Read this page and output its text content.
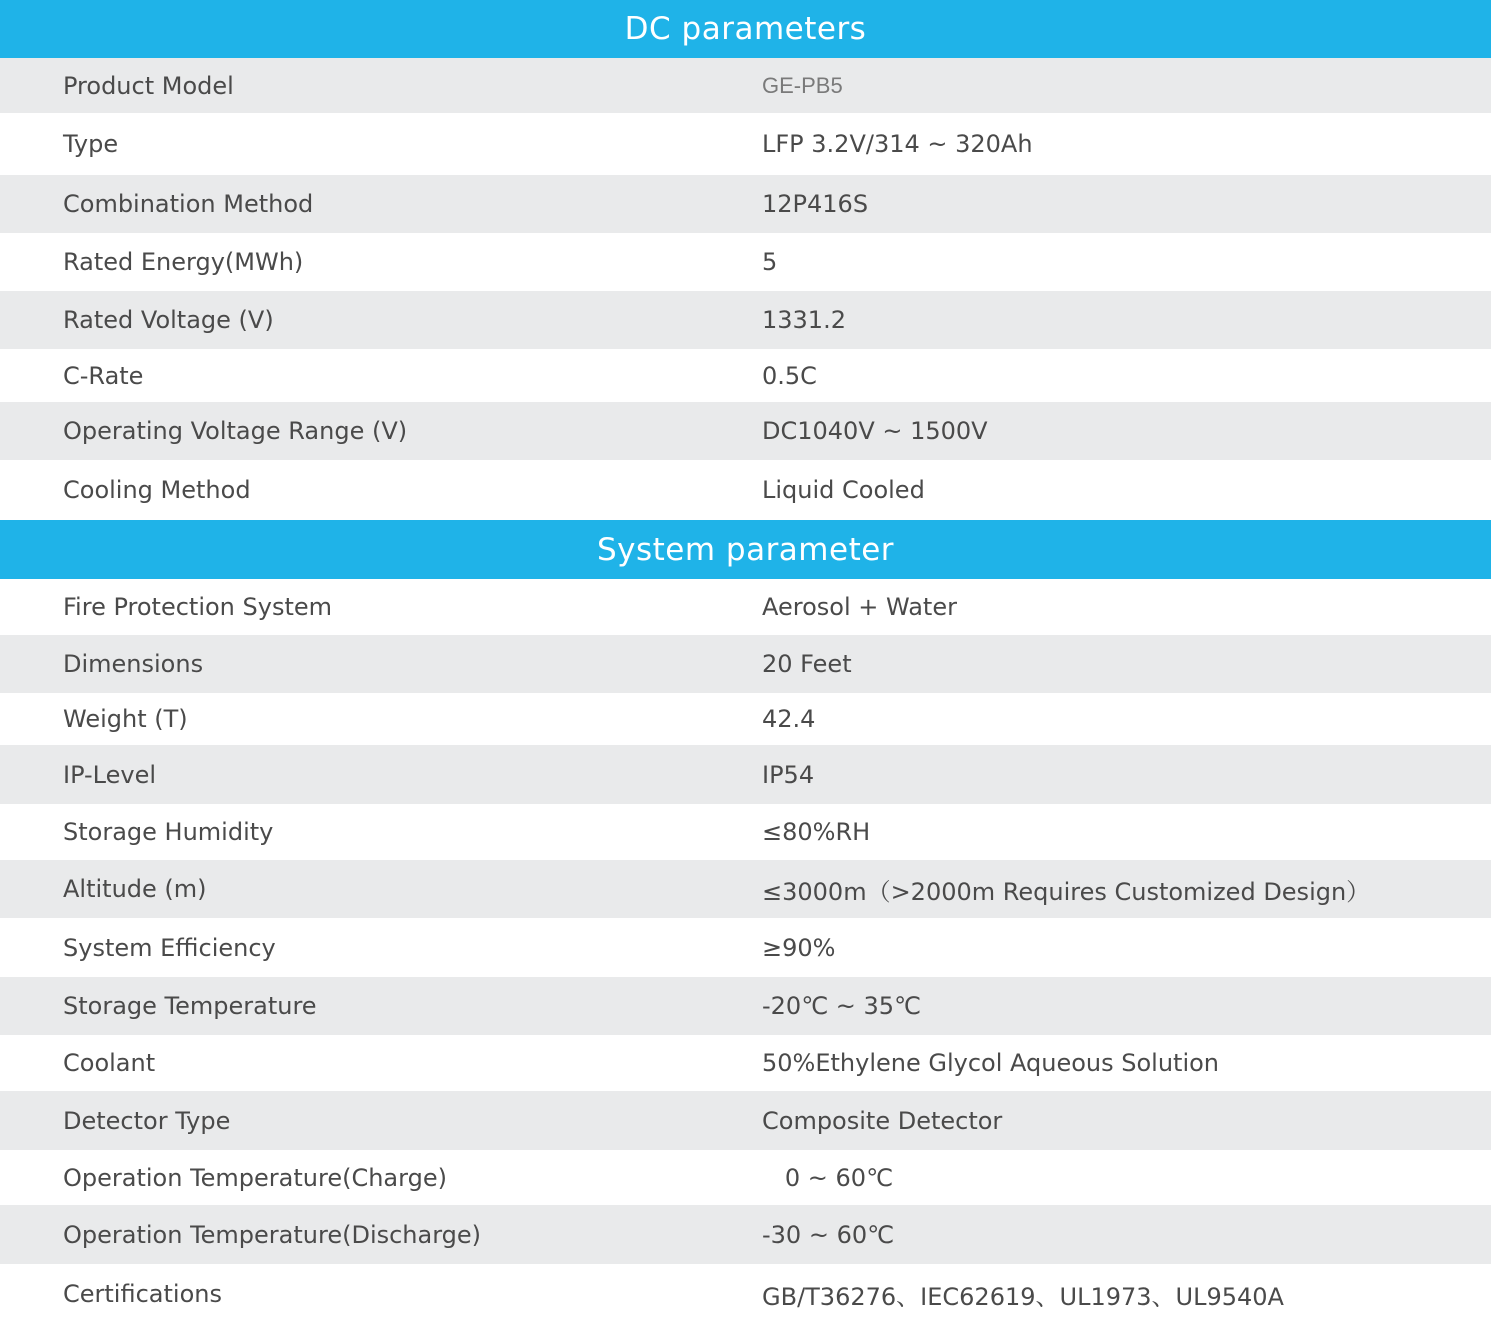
DC parameters
Product Model	GE-PB5
Type	LFP 3.2V/314 ~ 320Ah
Combination Method	12P416S
Rated Energy(MWh)	5
Rated Voltage (V)	1331.2
C-Rate	0.5C
Operating Voltage Range (V)	DC1040V ~ 1500V
Cooling Method	Liquid Cooled
System parameter
Fire Protection System	Aerosol + Water
Dimensions	20 Feet
Weight (T)	42.4
IP-Level	IP54
Storage Humidity	≤80%RH
Altitude (m)	≤3000m（>2000m Requires Customized Design）
System Efficiency	≥90%
Storage Temperature	-20℃ ~ 35℃
Coolant	50%Ethylene Glycol Aqueous Solution
Detector Type	Composite Detector
Operation Temperature(Charge)	0 ~ 60℃
Operation Temperature(Discharge)	-30 ~ 60℃
Certifications	GB/T36276、IEC62619、UL1973、UL9540A
